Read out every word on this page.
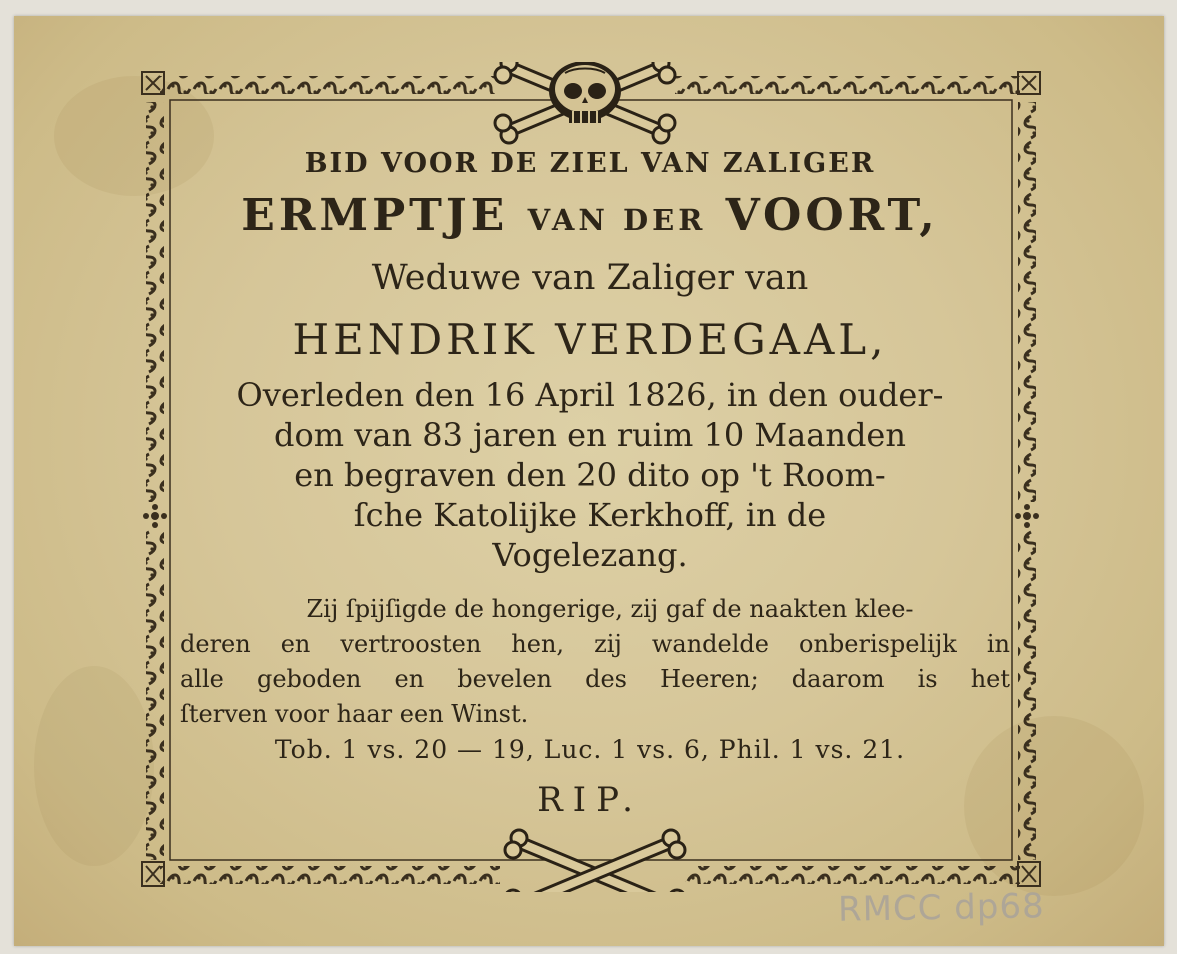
BID VOOR DE ZIEL VAN ZALIGER
ERMPTJE VAN DER VOORT,
Weduwe van Zaliger van
HENDRIK VERDEGAAL,
Overleden den 16 April 1826, in den ouder-
dom van 83 jaren en ruim 10 Maanden
en begraven den 20 dito op 't Room-
ſche Katolijke Kerkhoff, in de
Vogelezang.
Zij ſpijſigde de hongerige, zij gaf de naakten klee-
deren en vertroosten hen, zij wandelde onberispelijk in
alle geboden en bevelen des Heeren; daarom is het
ſterven voor haar een Winst.
Tob. 1 vs. 20 — 19, Luc. 1 vs. 6, Phil. 1 vs. 21.
RIP.
RMCC dp68
